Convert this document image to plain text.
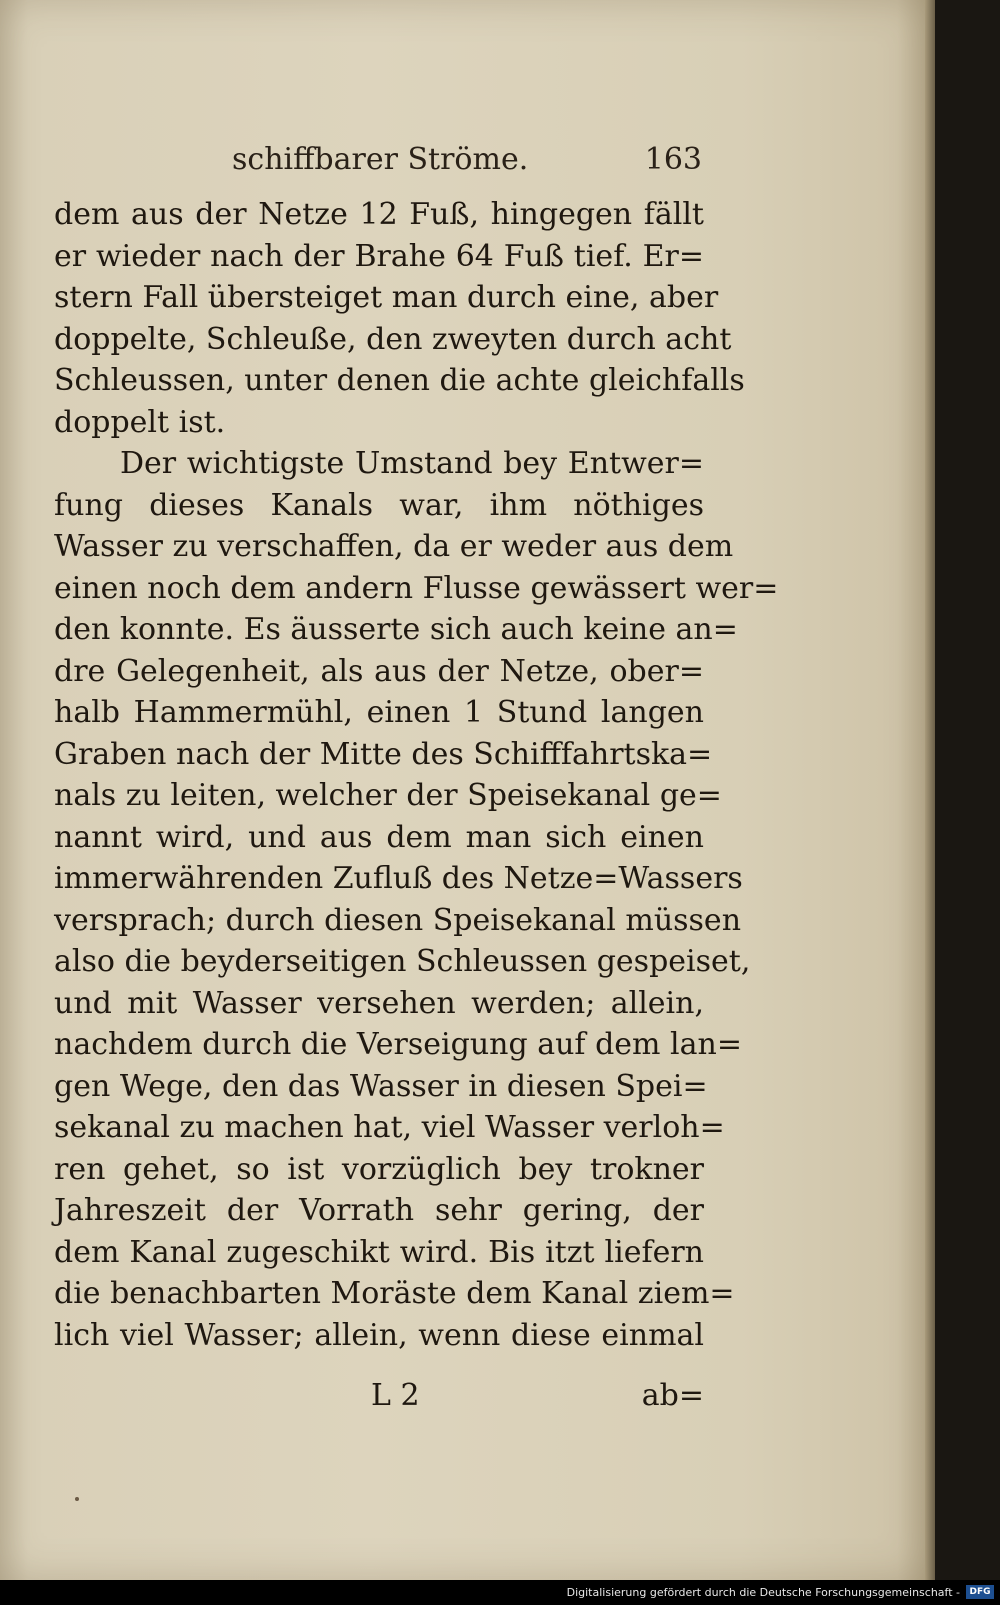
schiffbarer Ströme.	163
dem aus der Netze 12 Fuß, hingegen fällt
er wieder nach der Brahe 64 Fuß tief. Er=
stern Fall übersteiget man durch eine, aber
doppelte, Schleuße, den zweyten durch acht
Schleussen, unter denen die achte gleichfalls
doppelt ist.
Der wichtigste Umstand bey Entwer=
fung dieses Kanals war, ihm nöthiges
Wasser zu verschaffen, da er weder aus dem
einen noch dem andern Flusse gewässert wer=
den konnte. Es äusserte sich auch keine an=
dre Gelegenheit, als aus der Netze, ober=
halb Hammermühl, einen 1 Stund langen
Graben nach der Mitte des Schifffahrtska=
nals zu leiten, welcher der Speisekanal ge=
nannt wird, und aus dem man sich einen
immerwährenden Zufluß des Netze=Wassers
versprach; durch diesen Speisekanal müssen
also die beyderseitigen Schleussen gespeiset,
und mit Wasser versehen werden; allein,
nachdem durch die Verseigung auf dem lan=
gen Wege, den das Wasser in diesen Spei=
sekanal zu machen hat, viel Wasser verloh=
ren gehet, so ist vorzüglich bey trokner
Jahreszeit der Vorrath sehr gering, der
dem Kanal zugeschikt wird. Bis itzt liefern
die benachbarten Moräste dem Kanal ziem=
lich viel Wasser; allein, wenn diese einmal
L 2	ab=
Digitalisierung gefördert durch die Deutsche Forschungsgemeinschaft -	DFG
